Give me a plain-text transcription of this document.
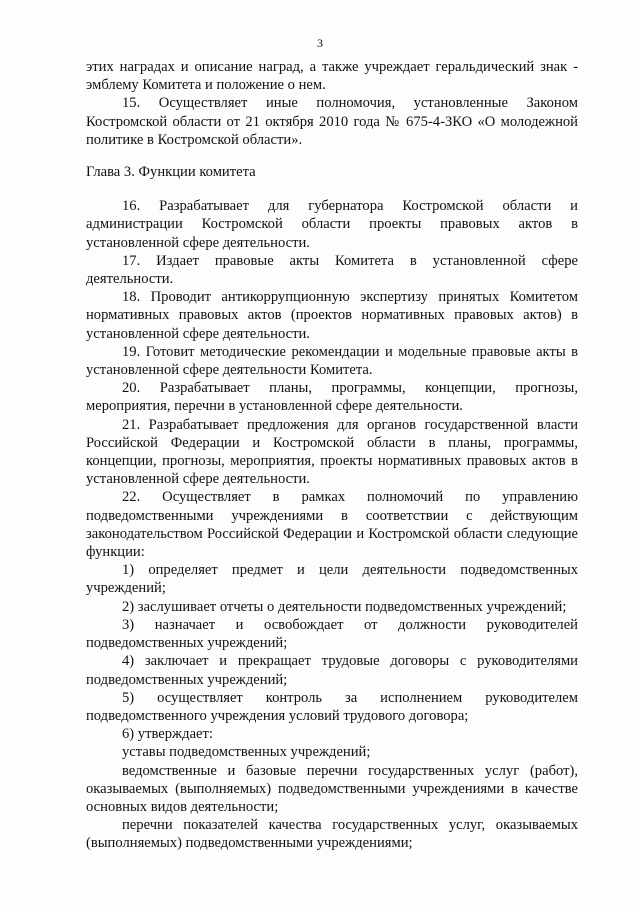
3

этих наградах и описание наград, а также учреждает геральдический знак - эмблему Комитета и положение о нем.

15. Осуществляет иные полномочия, установленные Законом Костромской области от 21 октября 2010 года № 675-4-ЗКО «О молодежной политике в Костромской области».

Глава 3. Функции комитета

16. Разрабатывает для губернатора Костромской области и администрации Костромской области проекты правовых актов в установленной сфере деятельности.

17. Издает правовые акты Комитета в установленной сфере деятельности.

18. Проводит антикоррупционную экспертизу принятых Комитетом нормативных правовых актов (проектов нормативных правовых актов) в установленной сфере деятельности.

19. Готовит методические рекомендации и модельные правовые акты в установленной сфере деятельности Комитета.

20. Разрабатывает планы, программы, концепции, прогнозы, мероприятия, перечни в установленной сфере деятельности.

21. Разрабатывает предложения для органов государственной власти Российской Федерации и Костромской области в планы, программы, концепции, прогнозы, мероприятия, проекты нормативных правовых актов в установленной сфере деятельности.

22. Осуществляет в рамках полномочий по управлению подведомственными учреждениями в соответствии с действующим законодательством Российской Федерации и Костромской области следующие функции:

1) определяет предмет и цели деятельности подведомственных учреждений;

2) заслушивает отчеты о деятельности подведомственных учреждений;

3) назначает и освобождает от должности руководителей подведомственных учреждений;

4) заключает и прекращает трудовые договоры с руководителями подведомственных учреждений;

5) осуществляет контроль за исполнением руководителем подведомственного учреждения условий трудового договора;

6) утверждает:

уставы подведомственных учреждений;

ведомственные и базовые перечни государственных услуг (работ), оказываемых (выполняемых) подведомственными учреждениями в качестве основных видов деятельности;

перечни показателей качества государственных услуг, оказываемых (выполняемых) подведомственными учреждениями;
